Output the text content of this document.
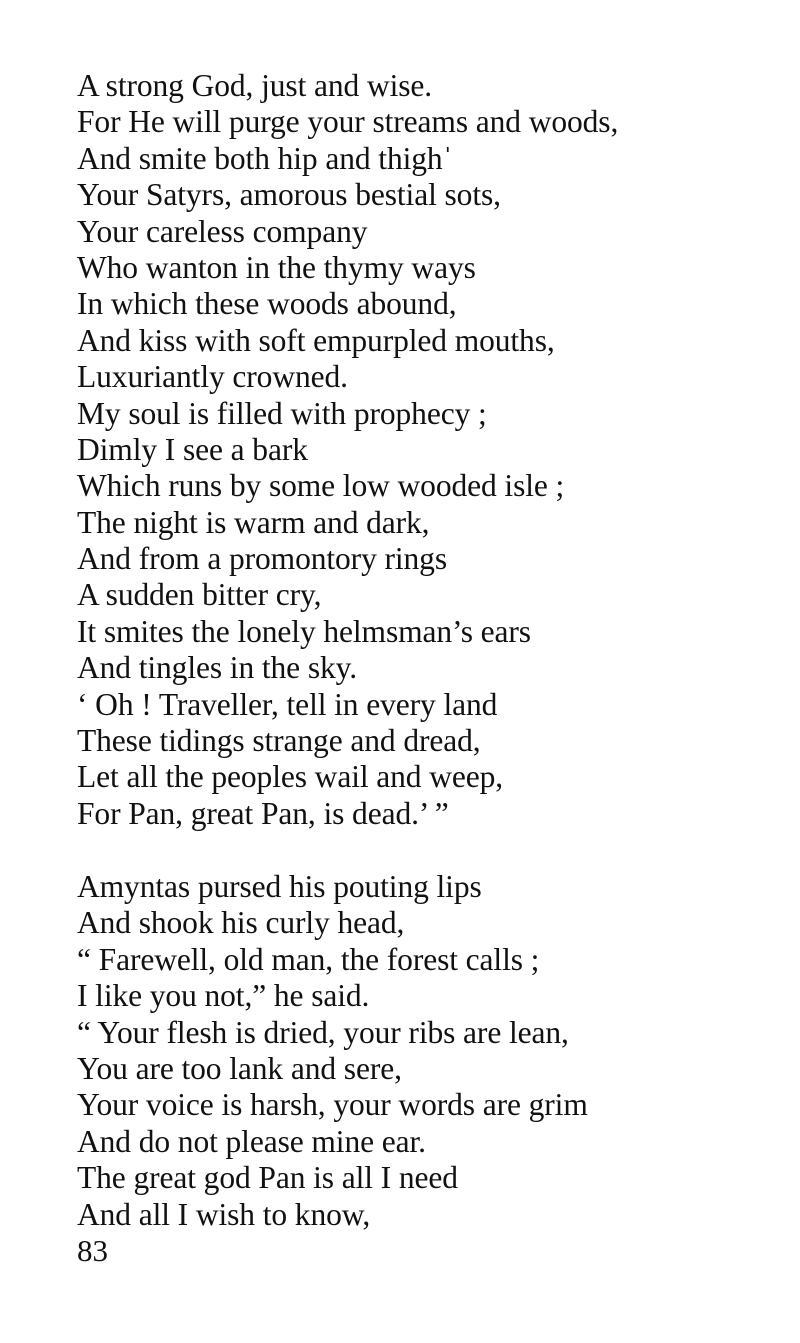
A strong God, just and wise.
For He will purge your streams and woods,
And smite both hip and thighˈ
Your Satyrs, amorous bestial sots,
Your careless company
Who wanton in the thymy ways
In which these woods abound,
And kiss with soft empurpled mouths,
Luxuriantly crowned.
My soul is filled with prophecy ;
Dimly I see a bark
Which runs by some low wooded isle ;
The night is warm and dark,
And from a promontory rings
A sudden bitter cry,
It smites the lonely helmsman’s ears
And tingles in the sky.
‘ Oh ! Traveller, tell in every land
These tidings strange and dread,
Let all the peoples wail and weep,
For Pan, great Pan, is dead.’ ”
Amyntas pursed his pouting lips
And shook his curly head,
“ Farewell, old man, the forest calls ;
I like you not,” he said.
“ Your flesh is dried, your ribs are lean,
You are too lank and sere,
Your voice is harsh, your words are grim
And do not please mine ear.
The great god Pan is all I need
And all I wish to know,
83
